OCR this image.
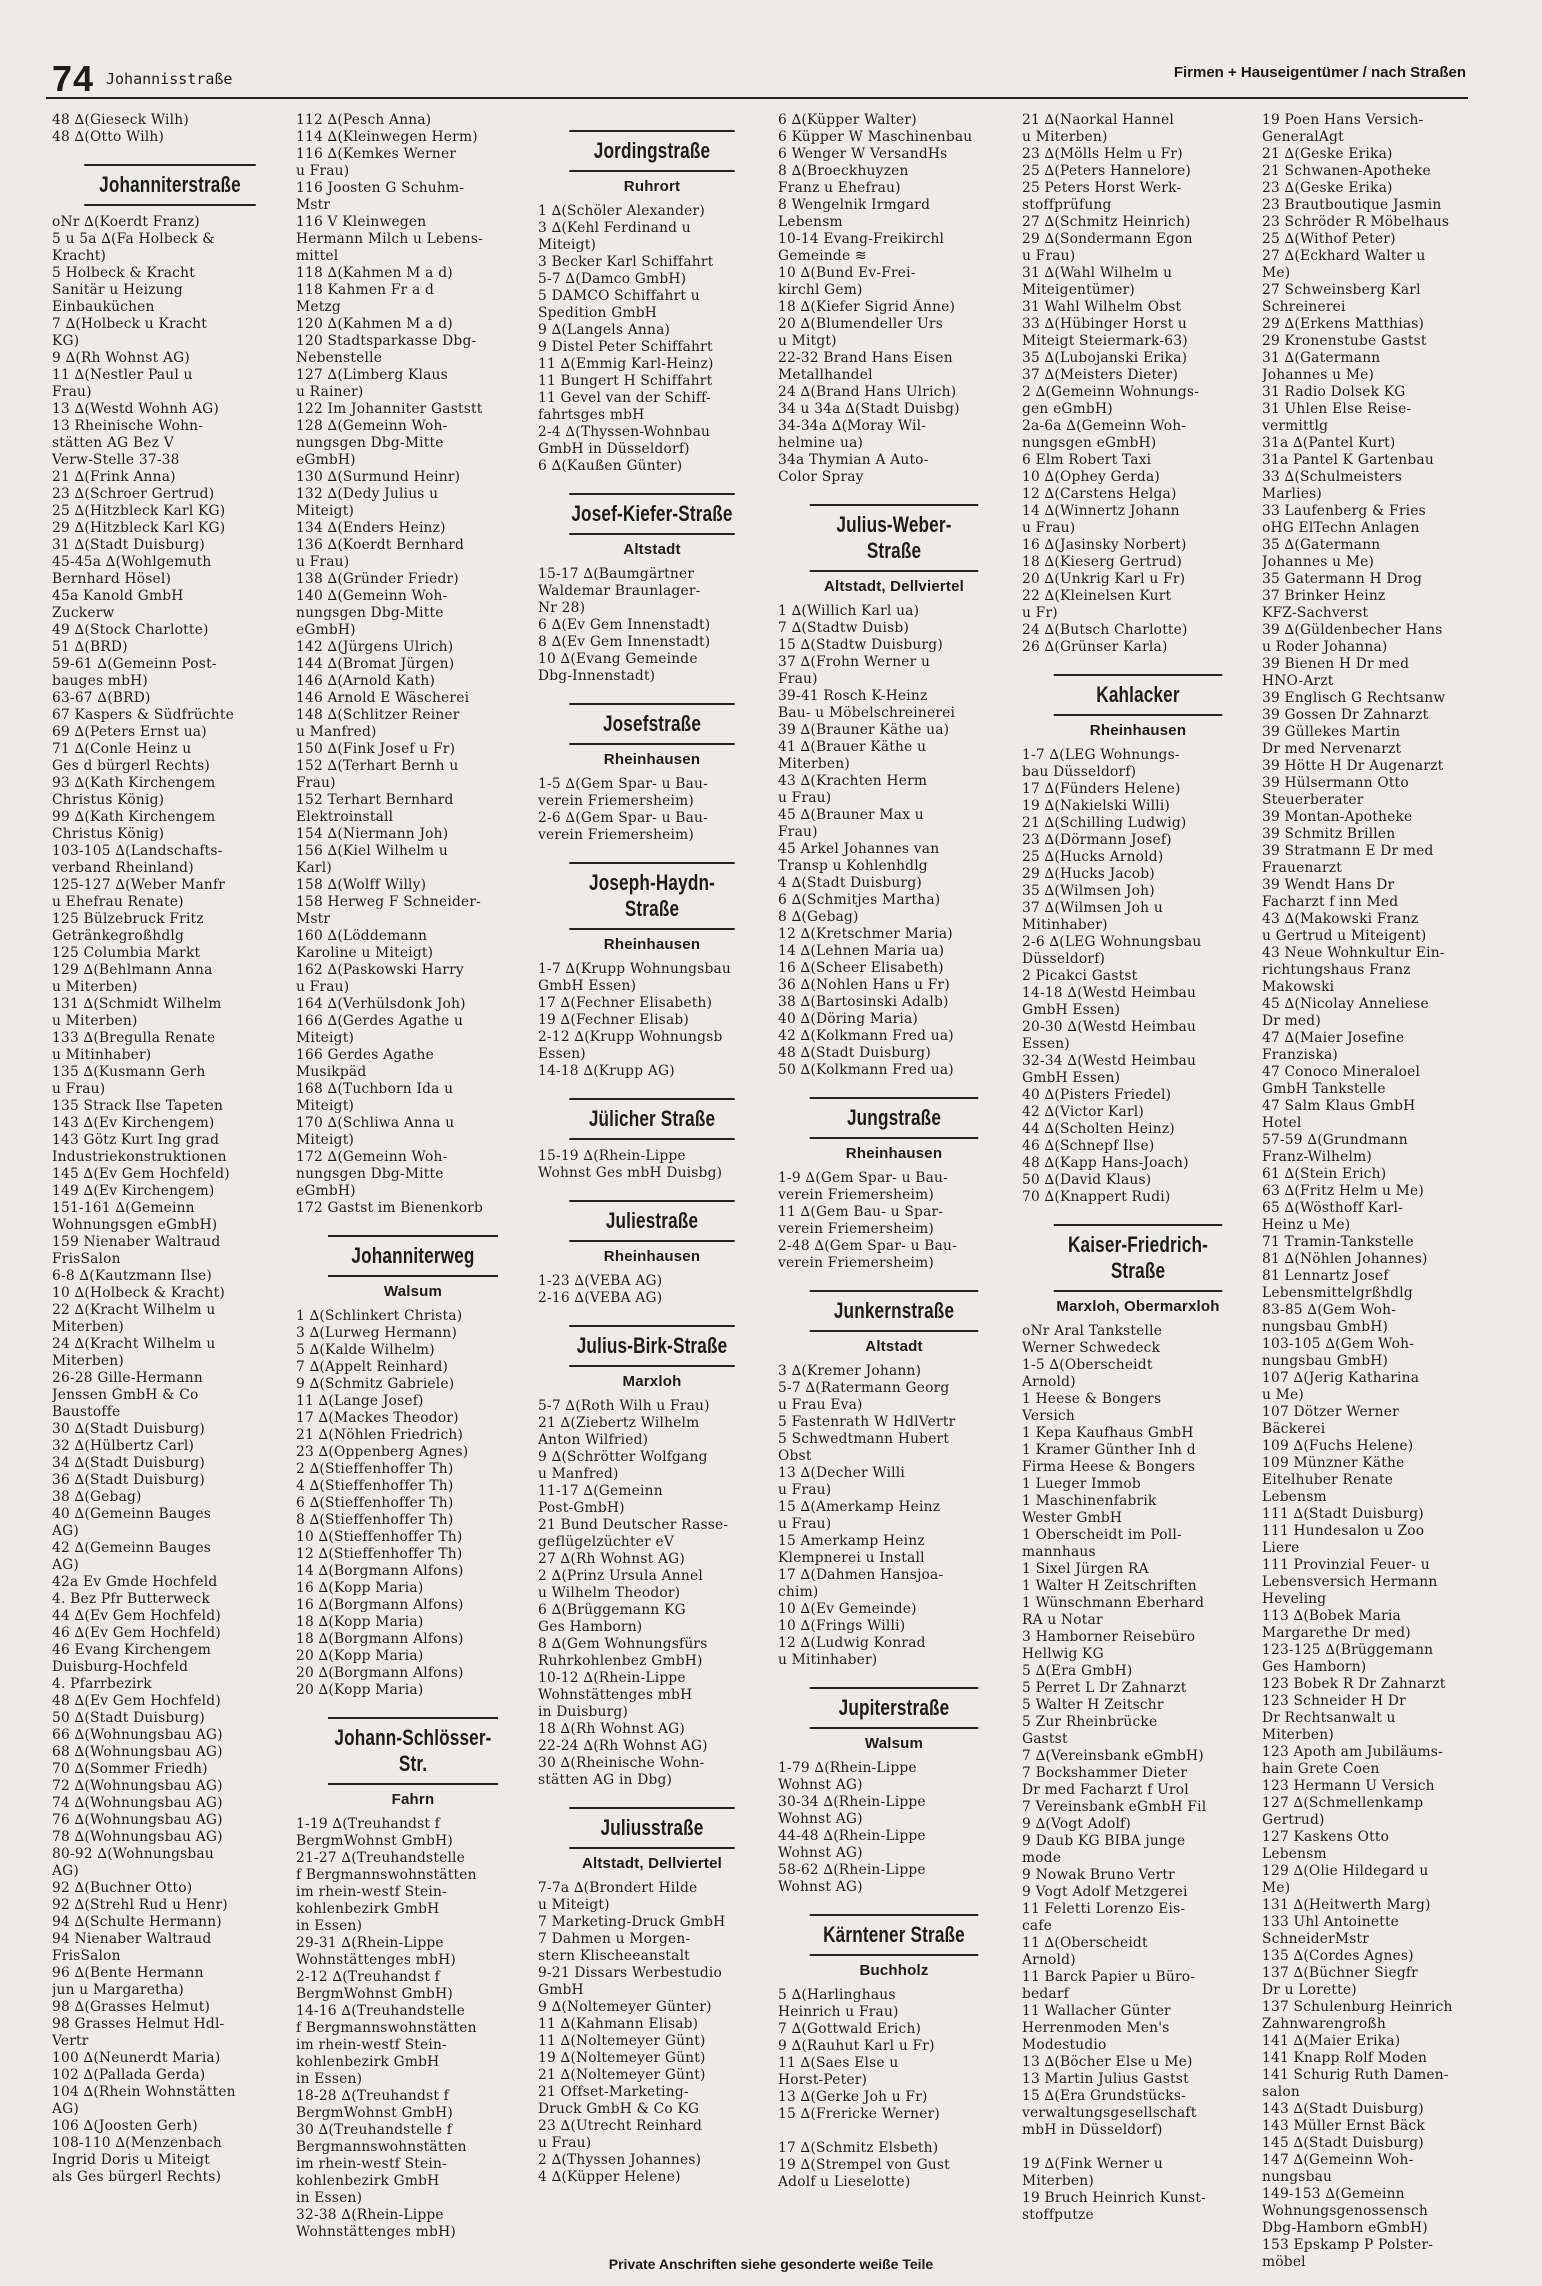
74 Johannisstraße	Firmen + Hauseigentümer / nach Straßen
48 ∆(Gieseck Wilh)
48 ∆(Otto Wilh)
Johanniterstraße
oNr ∆(Koerdt Franz)
5 u 5a ∆(Fa Holbeck &
Kracht)
5 Holbeck & Kracht
Sanitär u Heizung
Einbauküchen
7 ∆(Holbeck u Kracht
KG)
9 ∆(Rh Wohnst AG)
11 ∆(Nestler Paul u
Frau)
13 ∆(Westd Wohnh AG)
13 Rheinische Wohn-
stätten AG Bez V
Verw-Stelle 37-38
21 ∆(Frink Anna)
23 ∆(Schroer Gertrud)
25 ∆(Hitzbleck Karl KG)
29 ∆(Hitzbleck Karl KG)
31 ∆(Stadt Duisburg)
45-45a ∆(Wohlgemuth
Bernhard Hösel)
45a Kanold GmbH
Zuckerw
49 ∆(Stock Charlotte)
51 ∆(BRD)
59-61 ∆(Gemeinn Post-
bauges mbH)
63-67 ∆(BRD)
67 Kaspers & Südfrüchte
69 ∆(Peters Ernst ua)
71 ∆(Conle Heinz u
Ges d bürgerl Rechts)
93 ∆(Kath Kirchengem
Christus König)
99 ∆(Kath Kirchengem
Christus König)
103-105 ∆(Landschafts-
verband Rheinland)
125-127 ∆(Weber Manfr
u Ehefrau Renate)
125 Bülzebruck Fritz
Getränkegroßhdlg
125 Columbia Markt
129 ∆(Behlmann Anna
u Miterben)
131 ∆(Schmidt Wilhelm
u Miterben)
133 ∆(Bregulla Renate
u Mitinhaber)
135 ∆(Kusmann Gerh
u Frau)
135 Strack Ilse Tapeten
143 ∆(Ev Kirchengem)
143 Götz Kurt Ing grad
Industriekonstruktionen
145 ∆(Ev Gem Hochfeld)
149 ∆(Ev Kirchengem)
151-161 ∆(Gemeinn
Wohnungsgen eGmbH)
159 Nienaber Waltraud
FrisSalon
6-8 ∆(Kautzmann Ilse)
10 ∆(Holbeck & Kracht)
22 ∆(Kracht Wilhelm u
Miterben)
24 ∆(Kracht Wilhelm u
Miterben)
26-28 Gille-Hermann
Jenssen GmbH & Co
Baustoffe
30 ∆(Stadt Duisburg)
32 ∆(Hülbertz Carl)
34 ∆(Stadt Duisburg)
36 ∆(Stadt Duisburg)
38 ∆(Gebag)
40 ∆(Gemeinn Bauges
AG)
42 ∆(Gemeinn Bauges
AG)
42a Ev Gmde Hochfeld
4. Bez Pfr Butterweck
44 ∆(Ev Gem Hochfeld)
46 ∆(Ev Gem Hochfeld)
46 Evang Kirchengem
Duisburg-Hochfeld
4. Pfarrbezirk
48 ∆(Ev Gem Hochfeld)
50 ∆(Stadt Duisburg)
66 ∆(Wohnungsbau AG)
68 ∆(Wohnungsbau AG)
70 ∆(Sommer Friedh)
72 ∆(Wohnungsbau AG)
74 ∆(Wohnungsbau AG)
76 ∆(Wohnungsbau AG)
78 ∆(Wohnungsbau AG)
80-92 ∆(Wohnungsbau
AG)
92 ∆(Buchner Otto)
92 ∆(Strehl Rud u Henr)
94 ∆(Schulte Hermann)
94 Nienaber Waltraud
FrisSalon
96 ∆(Bente Hermann
jun u Margaretha)
98 ∆(Grasses Helmut)
98 Grasses Helmut Hdl-
Vertr
100 ∆(Neunerdt Maria)
102 ∆(Pallada Gerda)
104 ∆(Rhein Wohnstätten
AG)
106 ∆(Joosten Gerh)
108-110 ∆(Menzenbach
Ingrid Doris u Miteigt
als Ges bürgerl Rechts)
112 ∆(Pesch Anna)
114 ∆(Kleinwegen Herm)
116 ∆(Kemkes Werner
u Frau)
116 Joosten G Schuhm-
Mstr
116 V Kleinwegen
Hermann Milch u Lebens-
mittel
118 ∆(Kahmen M a d)
118 Kahmen Fr a d
Metzg
120 ∆(Kahmen M a d)
120 Stadtsparkasse Dbg-
Nebenstelle
127 ∆(Limberg Klaus
u Rainer)
122 Im Johanniter Gaststt
128 ∆(Gemeinn Woh-
nungsgen Dbg-Mitte
eGmbH)
130 ∆(Surmund Heinr)
132 ∆(Dedy Julius u
Miteigt)
134 ∆(Enders Heinz)
136 ∆(Koerdt Bernhard
u Frau)
138 ∆(Gründer Friedr)
140 ∆(Gemeinn Woh-
nungsgen Dbg-Mitte
eGmbH)
142 ∆(Jürgens Ulrich)
144 ∆(Bromat Jürgen)
146 ∆(Arnold Kath)
146 Arnold E Wäscherei
148 ∆(Schlitzer Reiner
u Manfred)
150 ∆(Fink Josef u Fr)
152 ∆(Terhart Bernh u
Frau)
152 Terhart Bernhard
Elektroinstall
154 ∆(Niermann Joh)
156 ∆(Kiel Wilhelm u
Karl)
158 ∆(Wolff Willy)
158 Herweg F Schneider-
Mstr
160 ∆(Löddemann
Karoline u Miteigt)
162 ∆(Paskowski Harry
u Frau)
164 ∆(Verhülsdonk Joh)
166 ∆(Gerdes Agathe u
Miteigt)
166 Gerdes Agathe
Musikpäd
168 ∆(Tuchborn Ida u
Miteigt)
170 ∆(Schliwa Anna u
Miteigt)
172 ∆(Gemeinn Woh-
nungsgen Dbg-Mitte
eGmbH)
172 Gastst im Bienenkorb
Johanniterweg
Walsum
1 ∆(Schlinkert Christa)
3 ∆(Lurweg Hermann)
5 ∆(Kalde Wilhelm)
7 ∆(Appelt Reinhard)
9 ∆(Schmitz Gabriele)
11 ∆(Lange Josef)
17 ∆(Mackes Theodor)
21 ∆(Nöhlen Friedrich)
23 ∆(Oppenberg Agnes)
2 ∆(Stieffenhoffer Th)
4 ∆(Stieffenhoffer Th)
6 ∆(Stieffenhoffer Th)
8 ∆(Stieffenhoffer Th)
10 ∆(Stieffenhoffer Th)
12 ∆(Stieffenhoffer Th)
14 ∆(Borgmann Alfons)
16 ∆(Kopp Maria)
16 ∆(Borgmann Alfons)
18 ∆(Kopp Maria)
18 ∆(Borgmann Alfons)
20 ∆(Kopp Maria)
20 ∆(Borgmann Alfons)
20 ∆(Kopp Maria)
Johann-Schlösser-Str.
Fahrn
1-19 ∆(Treuhandst f
BergmWohnst GmbH)
21-27 ∆(Treuhandstelle
f Bergmannswohnstätten
im rhein-westf Stein-
kohlenbezirk GmbH
in Essen)
29-31 ∆(Rhein-Lippe
Wohnstättenges mbH)
2-12 ∆(Treuhandst f
BergmWohnst GmbH)
14-16 ∆(Treuhandstelle
f Bergmannswohnstätten
im rhein-westf Stein-
kohlenbezirk GmbH
in Essen)
18-28 ∆(Treuhandst f
BergmWohnst GmbH)
30 ∆(Treuhandstelle f
Bergmannswohnstätten
im rhein-westf Stein-
kohlenbezirk GmbH
in Essen)
32-38 ∆(Rhein-Lippe
Wohnstättenges mbH)
Jordingstraße
Ruhrort
1 ∆(Schöler Alexander)
3 ∆(Kehl Ferdinand u
Miteigt)
3 Becker Karl Schiffahrt
5-7 ∆(Damco GmbH)
5 DAMCO Schiffahrt u
Spedition GmbH
9 ∆(Langels Anna)
9 Distel Peter Schiffahrt
11 ∆(Emmig Karl-Heinz)
11 Bungert H Schiffahrt
11 Gevel van der Schiff-
fahrtsges mbH
2-4 ∆(Thyssen-Wohnbau
GmbH in Düsseldorf)
6 ∆(Kaußen Günter)
Josef-Kiefer-Straße
Altstadt
15-17 ∆(Baumgärtner
Waldemar Braunlager-
Nr 28)
6 ∆(Ev Gem Innenstadt)
8 ∆(Ev Gem Innenstadt)
10 ∆(Evang Gemeinde
Dbg-Innenstadt)
Josefstraße
Rheinhausen
1-5 ∆(Gem Spar- u Bau-
verein Friemersheim)
2-6 ∆(Gem Spar- u Bau-
verein Friemersheim)
Joseph-Haydn-Straße
Rheinhausen
1-7 ∆(Krupp Wohnungsbau
GmbH Essen)
17 ∆(Fechner Elisabeth)
19 ∆(Fechner Elisab)
2-12 ∆(Krupp Wohnungsb
Essen)
14-18 ∆(Krupp AG)
Jülicher Straße
15-19 ∆(Rhein-Lippe
Wohnst Ges mbH Duisbg)
Juliestraße
Rheinhausen
1-23 ∆(VEBA AG)
2-16 ∆(VEBA AG)
Julius-Birk-Straße
Marxloh
5-7 ∆(Roth Wilh u Frau)
21 ∆(Ziebertz Wilhelm
Anton Wilfried)
9 ∆(Schrötter Wolfgang
u Manfred)
11-17 ∆(Gemeinn
Post-GmbH)
21 Bund Deutscher Rasse-
geflügelzüchter eV
27 ∆(Rh Wohnst AG)
2 ∆(Prinz Ursula Annel
u Wilhelm Theodor)
6 ∆(Brüggemann KG
Ges Hamborn)
8 ∆(Gem Wohnungsfürs
Ruhrkohlenbez GmbH)
10-12 ∆(Rhein-Lippe
Wohnstättenges mbH
in Duisburg)
18 ∆(Rh Wohnst AG)
22-24 ∆(Rh Wohnst AG)
30 ∆(Rheinische Wohn-
stätten AG in Dbg)
Juliusstraße
Altstadt, Dellviertel
7-7a ∆(Brondert Hilde
u Miteigt)
7 Marketing-Druck GmbH
7 Dahmen u Morgen-
stern Klischeeanstalt
9-21 Dissars Werbestudio
GmbH
9 ∆(Noltemeyer Günter)
11 ∆(Kahmann Elisab)
11 ∆(Noltemeyer Günt)
19 ∆(Noltemeyer Günt)
21 ∆(Noltemeyer Günt)
21 Offset-Marketing-
Druck GmbH & Co KG
23 ∆(Utrecht Reinhard
u Frau)
2 ∆(Thyssen Johannes)
4 ∆(Küpper Helene)
6 ∆(Küpper Walter)
6 Küpper W Maschinenbau
6 Wenger W VersandHs
8 ∆(Broeckhuyzen
Franz u Ehefrau)
8 Wengelnik Irmgard
Lebensm
10-14 Evang-Freikirchl
Gemeinde ≋
10 ∆(Bund Ev-Frei-
kirchl Gem)
18 ∆(Kiefer Sigrid Änne)
20 ∆(Blumendeller Urs
u Mitgt)
22-32 Brand Hans Eisen
Metallhandel
24 ∆(Brand Hans Ulrich)
34 u 34a ∆(Stadt Duisbg)
34-34a ∆(Moray Wil-
helmine ua)
34a Thymian A Auto-
Color Spray
Julius-Weber-Straße
Altstadt, Dellviertel
1 ∆(Willich Karl ua)
7 ∆(Stadtw Duisb)
15 ∆(Stadtw Duisburg)
37 ∆(Frohn Werner u
Frau)
39-41 Rosch K-Heinz
Bau- u Möbelschreinerei
39 ∆(Brauner Käthe ua)
41 ∆(Brauer Käthe u
Miterben)
43 ∆(Krachten Herm
u Frau)
45 ∆(Brauner Max u
Frau)
45 Arkel Johannes van
Transp u Kohlenhdlg
4 ∆(Stadt Duisburg)
6 ∆(Schmitjes Martha)
8 ∆(Gebag)
12 ∆(Kretschmer Maria)
14 ∆(Lehnen Maria ua)
16 ∆(Scheer Elisabeth)
36 ∆(Nohlen Hans u Fr)
38 ∆(Bartosinski Adalb)
40 ∆(Döring Maria)
42 ∆(Kolkmann Fred ua)
48 ∆(Stadt Duisburg)
50 ∆(Kolkmann Fred ua)
Jungstraße
Rheinhausen
1-9 ∆(Gem Spar- u Bau-
verein Friemersheim)
11 ∆(Gem Bau- u Spar-
verein Friemersheim)
2-48 ∆(Gem Spar- u Bau-
verein Friemersheim)
Junkernstraße
Altstadt
3 ∆(Kremer Johann)
5-7 ∆(Ratermann Georg
u Frau Eva)
5 Fastenrath W HdlVertr
5 Schwedtmann Hubert
Obst
13 ∆(Decher Willi
u Frau)
15 ∆(Amerkamp Heinz
u Frau)
15 Amerkamp Heinz
Klempnerei u Install
17 ∆(Dahmen Hansjoa-
chim)
10 ∆(Ev Gemeinde)
10 ∆(Frings Willi)
12 ∆(Ludwig Konrad
u Mitinhaber)
Jupiterstraße
Walsum
1-79 ∆(Rhein-Lippe
Wohnst AG)
30-34 ∆(Rhein-Lippe
Wohnst AG)
44-48 ∆(Rhein-Lippe
Wohnst AG)
58-62 ∆(Rhein-Lippe
Wohnst AG)
Kärntener Straße
Buchholz
5 ∆(Harlinghaus
Heinrich u Frau)
7 ∆(Gottwald Erich)
9 ∆(Rauhut Karl u Fr)
11 ∆(Saes Else u
Horst-Peter)
13 ∆(Gerke Joh u Fr)
15 ∆(Frericke Werner)

17 ∆(Schmitz Elsbeth)
19 ∆(Strempel von Gust
Adolf u Lieselotte)
21 ∆(Naorkal Hannel
u Miterben)
23 ∆(Mölls Helm u Fr)
25 ∆(Peters Hannelore)
25 Peters Horst Werk-
stoffprüfung
27 ∆(Schmitz Heinrich)
29 ∆(Sondermann Egon
u Frau)
31 ∆(Wahl Wilhelm u
Miteigentümer)
31 Wahl Wilhelm Obst
33 ∆(Hübinger Horst u
Miteigt Steiermark-63)
35 ∆(Lubojanski Erika)
37 ∆(Meisters Dieter)
2 ∆(Gemeinn Wohnungs-
gen eGmbH)
2a-6a ∆(Gemeinn Woh-
nungsgen eGmbH)
6 Elm Robert Taxi
10 ∆(Ophey Gerda)
12 ∆(Carstens Helga)
14 ∆(Winnertz Johann
u Frau)
16 ∆(Jasinsky Norbert)
18 ∆(Kieserg Gertrud)
20 ∆(Unkrig Karl u Fr)
22 ∆(Kleinelsen Kurt
u Fr)
24 ∆(Butsch Charlotte)
26 ∆(Grünser Karla)
Kahlacker
Rheinhausen
1-7 ∆(LEG Wohnungs-
bau Düsseldorf)
17 ∆(Fünders Helene)
19 ∆(Nakielski Willi)
21 ∆(Schilling Ludwig)
23 ∆(Dörmann Josef)
25 ∆(Hucks Arnold)
29 ∆(Hucks Jacob)
35 ∆(Wilmsen Joh)
37 ∆(Wilmsen Joh u
Mitinhaber)
2-6 ∆(LEG Wohnungsbau
Düsseldorf)
2 Picakci Gastst
14-18 ∆(Westd Heimbau
GmbH Essen)
20-30 ∆(Westd Heimbau
Essen)
32-34 ∆(Westd Heimbau
GmbH Essen)
40 ∆(Pisters Friedel)
42 ∆(Victor Karl)
44 ∆(Scholten Heinz)
46 ∆(Schnepf Ilse)
48 ∆(Kapp Hans-Joach)
50 ∆(David Klaus)
70 ∆(Knappert Rudi)
Kaiser-Friedrich-Straße
Marxloh, Obermarxloh
oNr Aral Tankstelle
Werner Schwedeck
1-5 ∆(Oberscheidt
Arnold)
1 Heese & Bongers
Versich
1 Kepa Kaufhaus GmbH
1 Kramer Günther Inh d
Firma Heese & Bongers
1 Lueger Immob
1 Maschinenfabrik
Wester GmbH
1 Oberscheidt im Poll-
mannhaus
1 Sixel Jürgen RA
1 Walter H Zeitschriften
1 Wünschmann Eberhard
RA u Notar
3 Hamborner Reisebüro
Hellwig KG
5 ∆(Era GmbH)
5 Perret L Dr Zahnarzt
5 Walter H Zeitschr
5 Zur Rheinbrücke
Gastst
7 ∆(Vereinsbank eGmbH)
7 Bockshammer Dieter
Dr med Facharzt f Urol
7 Vereinsbank eGmbH Fil
9 ∆(Vogt Adolf)
9 Daub KG BIBA junge
mode
9 Nowak Bruno Vertr
9 Vogt Adolf Metzgerei
11 Feletti Lorenzo Eis-
cafe
11 ∆(Oberscheidt
Arnold)
11 Barck Papier u Büro-
bedarf
11 Wallacher Günter
Herrenmoden Men's
Modestudio
13 ∆(Böcher Else u Me)
13 Martin Julius Gastst
15 ∆(Era Grundstücks-
verwaltungsgesellschaft
mbH in Düsseldorf)

19 ∆(Fink Werner u
Miterben)
19 Bruch Heinrich Kunst-
stoffputze
19 Poen Hans Versich-
GeneralAgt
21 ∆(Geske Erika)
21 Schwanen-Apotheke
23 ∆(Geske Erika)
23 Brautboutique Jasmin
23 Schröder R Möbelhaus
25 ∆(Withof Peter)
27 ∆(Eckhard Walter u
Me)
27 Schweinsberg Karl
Schreinerei
29 ∆(Erkens Matthias)
29 Kronenstube Gastst
31 ∆(Gatermann
Johannes u Me)
31 Radio Dolsek KG
31 Uhlen Else Reise-
vermittlg
31a ∆(Pantel Kurt)
31a Pantel K Gartenbau
33 ∆(Schulmeisters
Marlies)
33 Laufenberg & Fries
oHG ElTechn Anlagen
35 ∆(Gatermann
Johannes u Me)
35 Gatermann H Drog
37 Brinker Heinz
KFZ-Sachverst
39 ∆(Güldenbecher Hans
u Roder Johanna)
39 Bienen H Dr med
HNO-Arzt
39 Englisch G Rechtsanw
39 Gossen Dr Zahnarzt
39 Güllekes Martin
Dr med Nervenarzt
39 Hötte H Dr Augenarzt
39 Hülsermann Otto
Steuerberater
39 Montan-Apotheke
39 Schmitz Brillen
39 Stratmann E Dr med
Frauenarzt
39 Wendt Hans Dr
Facharzt f inn Med
43 ∆(Makowski Franz
u Gertrud u Miteigent)
43 Neue Wohnkultur Ein-
richtungshaus Franz
Makowski
45 ∆(Nicolay Anneliese
Dr med)
47 ∆(Maier Josefine
Franziska)
47 Conoco Mineraloel
GmbH Tankstelle
47 Salm Klaus GmbH
Hotel
57-59 ∆(Grundmann
Franz-Wilhelm)
61 ∆(Stein Erich)
63 ∆(Fritz Helm u Me)
65 ∆(Wösthoff Karl-
Heinz u Me)
71 Tramin-Tankstelle
81 ∆(Nöhlen Johannes)
81 Lennartz Josef
Lebensmittelgrßhdlg
83-85 ∆(Gem Woh-
nungsbau GmbH)
103-105 ∆(Gem Woh-
nungsbau GmbH)
107 ∆(Jerig Katharina
u Me)
107 Dötzer Werner
Bäckerei
109 ∆(Fuchs Helene)
109 Münzner Käthe
Eitelhuber Renate
Lebensm
111 ∆(Stadt Duisburg)
111 Hundesalon u Zoo
Liere
111 Provinzial Feuer- u
Lebensversich Hermann
Heveling
113 ∆(Bobek Maria
Margarethe Dr med)
123-125 ∆(Brüggemann
Ges Hamborn)
123 Bobek R Dr Zahnarzt
123 Schneider H Dr
Dr Rechtsanwalt u
Miterben)
123 Apoth am Jubiläums-
hain Grete Coen
123 Hermann U Versich
127 ∆(Schmellenkamp
Gertrud)
127 Kaskens Otto
Lebensm
129 ∆(Olie Hildegard u
Me)
131 ∆(Heitwerth Marg)
133 Uhl Antoinette
SchneiderMstr
135 ∆(Cordes Agnes)
137 ∆(Büchner Siegfr
Dr u Lorette)
137 Schulenburg Heinrich
Zahnwarengroßh
141 ∆(Maier Erika)
141 Knapp Rolf Moden
141 Schurig Ruth Damen-
salon
143 ∆(Stadt Duisburg)
143 Müller Ernst Bäck
145 ∆(Stadt Duisburg)
147 ∆(Gemeinn Woh-
nungsbau
149-153 ∆(Gemeinn
Wohnungsgenossensch
Dbg-Hamborn eGmbH)
153 Epskamp P Polster-
möbel
Private Anschriften siehe gesonderte weiße Teile
